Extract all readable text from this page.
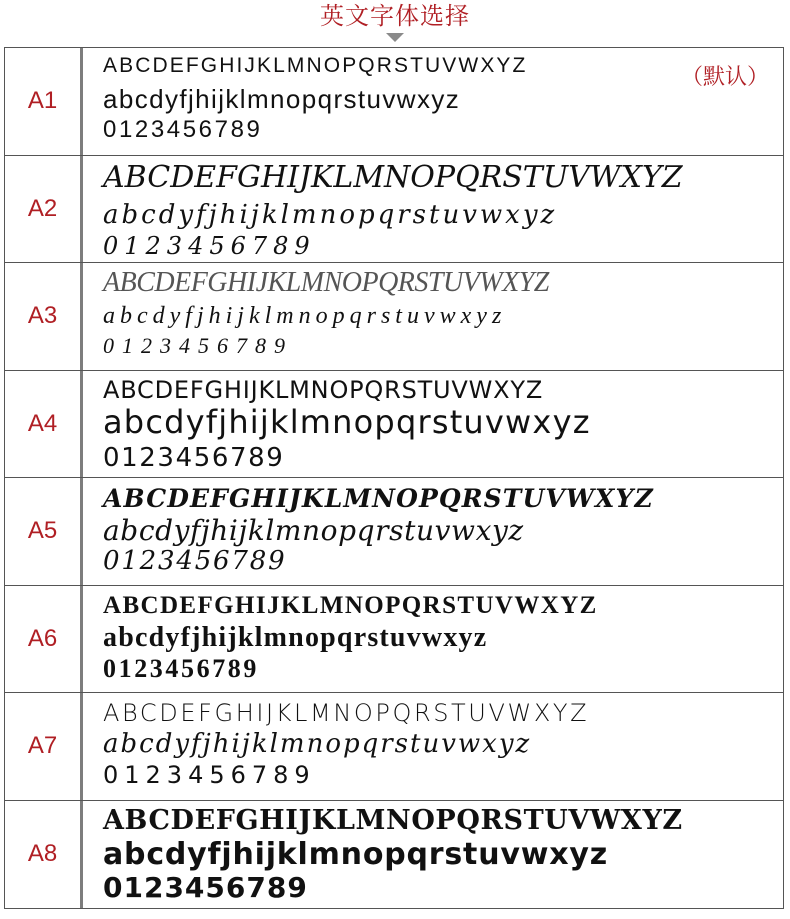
英文字体选择
A1
ABCDEFGHIJKLMNOPQRSTUVWXYZ
abcdyfjhijklmnopqrstuvwxyz
0123456789
（默认）
A2
ABCDEFGHIJKLMNOPQRSTUVWXYZ
abcdyfjhijklmnopqrstuvwxyz
0123456789
A3
ABCDEFGHIJKLMNOPQRSTUVWXYZ
abcdyfjhijklmnopqrstuvwxyz
0123456789
A4
ABCDEFGHIJKLMNOPQRSTUVWXYZ
abcdyfjhijklmnopqrstuvwxyz
0123456789
A5
ABCDEFGHIJKLMNOPQRSTUVWXYZ
abcdyfjhijklmnopqrstuvwxyz
0123456789
A6
ABCDEFGHIJKLMNOPQRSTUVWXYZ
abcdyfjhijklmnopqrstuvwxyz
0123456789
A7
ABCDEFGHIJKLMNOPQRSTUVWXYZ
abcdyfjhijklmnopqrstuvwxyz
0123456789
A8
ABCDEFGHIJKLMNOPQRSTUVWXYZ
abcdyfjhijklmnopqrstuvwxyz
0123456789
